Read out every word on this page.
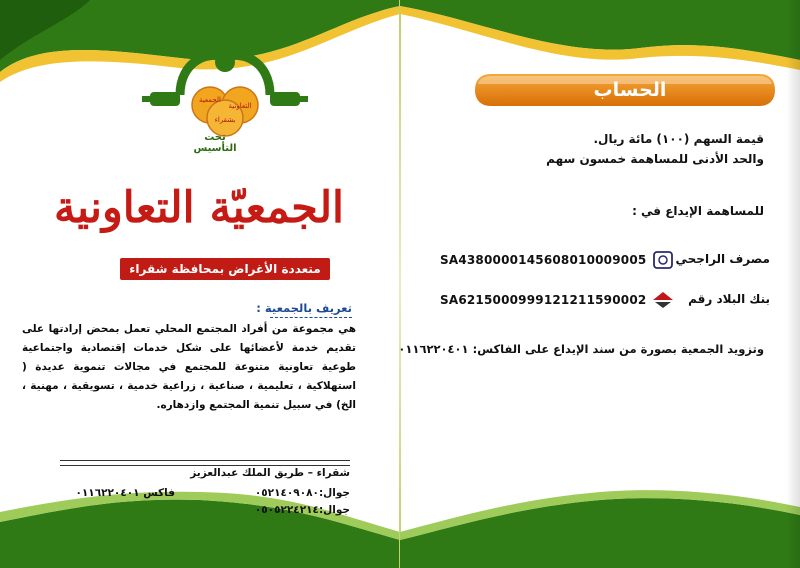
الجمعية
التعاونية
بشقراء
تحت التأسيس
الجمعيّة التعاونية
متعددة الأغراض بمحافظة شقراء
تعريف بالجمعية :
هي مجموعة من أفراد المجتمع المحلي تعمل بمحض إرادتها على تقديم خدمة لأعضائها على شكل خدمات إقتصادية واجتماعية طوعية تعاونية متنوعة للمجتمع في مجالات تنموية عديدة ( استهلاكية ، تعليمية ، صناعية ، زراعية خدمية ، تسويقية ، مهنية ، الخ) في سبيل تنمية المجتمع وازدهاره.
شقراء – طريق الملك عبدالعزيز
جوال:٠٥٢١٤٠٩٠٨٠
فاكس ٠١١٦٢٢٠٤٠١
جوال:٠٥٠٥٢٢٤٢١٤
الحساب
قيمة السهم (١٠٠) مائة ريال.
والحد الأدنى للمساهمة خمسون سهم
للمساهمة الإيداع في :
مصرف الراجحي
SA4380000145608010009005
بنك البلاد رقم
SA6215000999121211590002
وتزويد الجمعية بصورة من سند الإيداع على الفاكس: ٠١١٦٢٢٠٤٠١
